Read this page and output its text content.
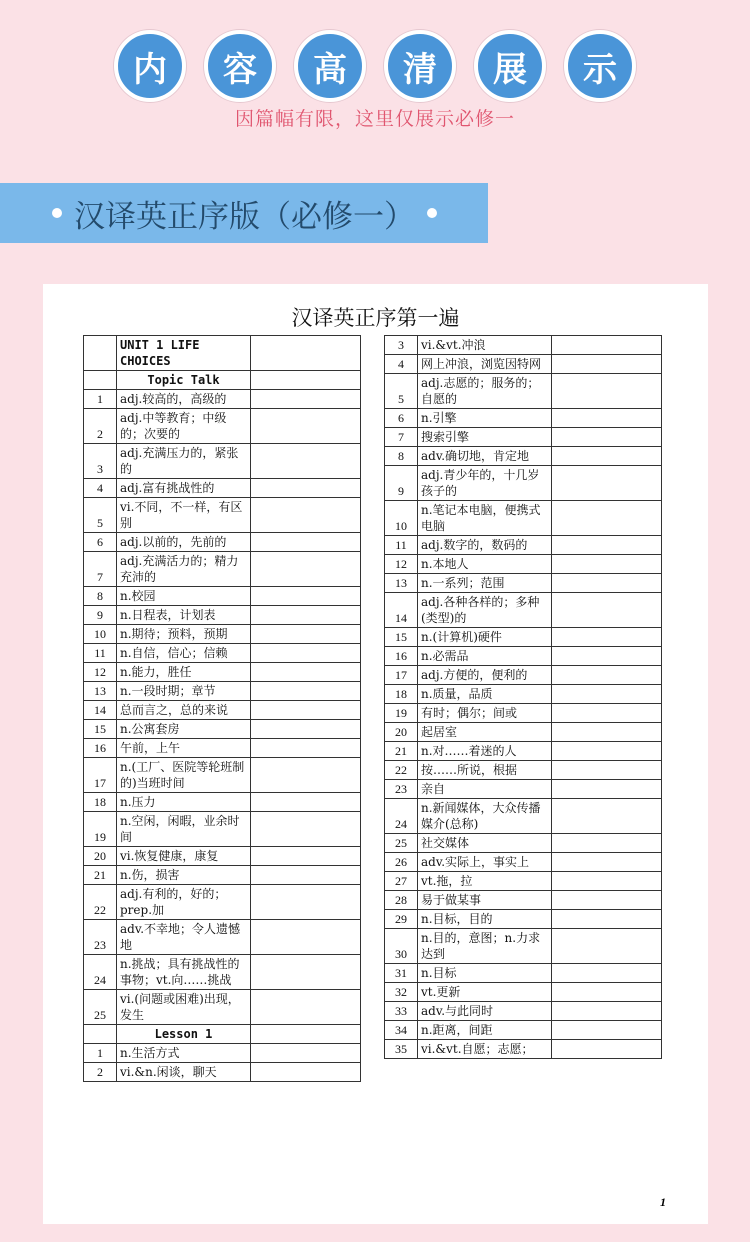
内	容	高	清	展	示
因篇幅有限，这里仅展示必修一
汉译英正序版（必修一）
汉译英正序第一遍
	UNIT 1 LIFE CHOICES	
	Topic Talk	
1	adj.较高的，高级的	
2	adj.中等教育；中级的；次要的	
3	adj.充满压力的，紧张的	
4	adj.富有挑战性的	
5	vi.不同，不一样，有区别	
6	adj.以前的，先前的	
7	adj.充满活力的；精力充沛的	
8	n.校园	
9	n.日程表，计划表	
10	n.期待；预料，预期	
11	n.自信，信心；信赖	
12	n.能力，胜任	
13	n.一段时期；章节	
14	总而言之，总的来说	
15	n.公寓套房	
16	午前，上午	
17	n.(工厂、医院等轮班制的)当班时间	
18	n.压力	
19	n.空闲，闲暇，业余时间	
20	vi.恢复健康，康复	
21	n.伤，损害	
22	adj.有利的，好的；prep.加	
23	adv.不幸地；令人遗憾地	
24	n.挑战；具有挑战性的事物；vt.向……挑战	
25	vi.(问题或困难)出现，发生	
	Lesson 1	
1	n.生活方式	
2	vi.&n.闲谈，聊天	
3	vi.&vt.冲浪	
4	网上冲浪，浏览因特网	
5	adj.志愿的；服务的；自愿的	
6	n.引擎	
7	搜索引擎	
8	adv.确切地，肯定地	
9	adj.青少年的，十几岁孩子的	
10	n.笔记本电脑，便携式电脑	
11	adj.数字的，数码的	
12	n.本地人	
13	n.一系列；范围	
14	adj.各种各样的；多种(类型)的	
15	n.(计算机)硬件	
16	n.必需品	
17	adj.方便的，便利的	
18	n.质量，品质	
19	有时；偶尔；间或	
20	起居室	
21	n.对……着迷的人	
22	按……所说，根据	
23	亲自	
24	n.新闻媒体，大众传播媒介(总称)	
25	社交媒体	
26	adv.实际上，事实上	
27	vt.拖，拉	
28	易于做某事	
29	n.目标，目的	
30	n.目的，意图；n.力求达到	
31	n.目标	
32	vt.更新	
33	adv.与此同时	
34	n.距离，间距	
35	vi.&vt.自愿；志愿；	
1
